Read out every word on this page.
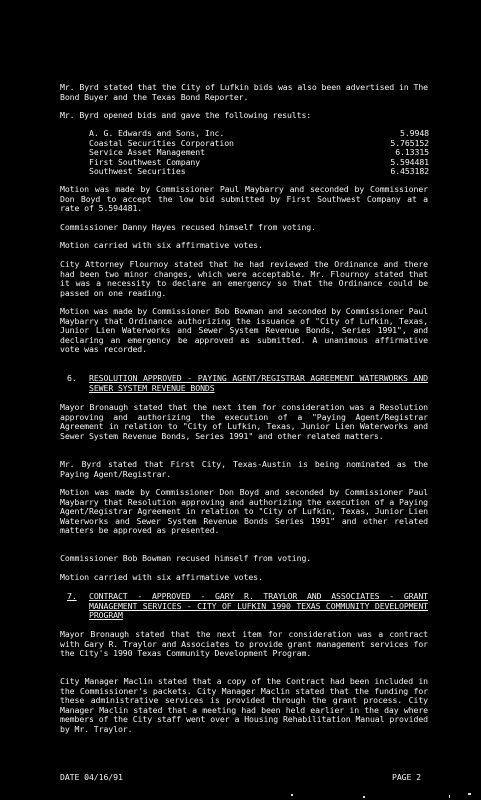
Mr. Byrd stated that the City of Lufkin bids was also been advertised in The Bond Buyer and the Texas Bond Reporter.

Mr. Byrd opened bids and gave the following results:

A. G. Edwards and Sons, Inc.	5.9948
Coastal Securities Corporation	5.765152
Service Asset Management	6.13315
First Southwest Company	5.594481
Southwest Securities	6.453182

Motion was made by Commissioner Paul Maybarry and seconded by Commissioner Don Boyd to accept the low bid submitted by First Southwest Company at a rate of 5.594481.

Commissioner Danny Hayes recused himself from voting.

Motion carried with six affirmative votes.

City Attorney Flournoy stated that he had reviewed the Ordinance and there had been two minor changes, which were acceptable. Mr. Flournoy stated that it was a necessity to declare an emergency so that the Ordinance could be passed on one reading.

Motion was made by Commissioner Bob Bowman and seconded by Commissioner Paul Maybarry that Ordinance authorizing the issuance of "City of Lufkin, Texas, Junior Lien Waterworks and Sewer System Revenue Bonds, Series 1991", and declaring an emergency be approved as submitted. A unanimous affirmative vote was recorded.

6. RESOLUTION APPROVED - PAYING AGENT/REGISTRAR AGREEMENT WATERWORKS AND SEWER SYSTEM REVENUE BONDS

Mayor Bronaugh stated that the next item for consideration was a Resolution approving and authorizing the execution of a "Paying Agent/Registrar Agreement in relation to "City of Lufkin, Texas, Junior Lien Waterworks and Sewer System Revenue Bonds, Series 1991" and other related matters.

Mr. Byrd stated that First City, Texas-Austin is being nominated as the Paying Agent/Registrar.

Motion was made by Commissioner Don Boyd and seconded by Commissioner Paul Maybarry that Resolution approving and authorizing the execution of a Paying Agent/Registrar Agreement in relation to "City of Lufkin, Texas, Junior Lien Waterworks and Sewer System Revenue Bonds Series 1991" and other related matters be approved as presented.

Commissioner Bob Bowman recused himself from voting.

Motion carried with six affirmative votes.

7. CONTRACT - APPROVED - GARY R. TRAYLOR AND ASSOCIATES - GRANT MANAGEMENT SERVICES - CITY OF LUFKIN 1990 TEXAS COMMUNITY DEVELOPMENT PROGRAM

Mayor Bronaugh stated that the next item for consideration was a contract with Gary R. Traylor and Associates to provide grant management services for the City's 1990 Texas Community Development Program.

City Manager Maclin stated that a copy of the Contract had been included in the Commissioner's packets. City Manager Maclin stated that the funding for these administrative services is provided through the grant process. City Manager Maclin stated that a meeting had been held earlier in the day where members of the City staff went over a Housing Rehabilitation Manual provided by Mr. Traylor.

DATE 04/16/91	PAGE 2
